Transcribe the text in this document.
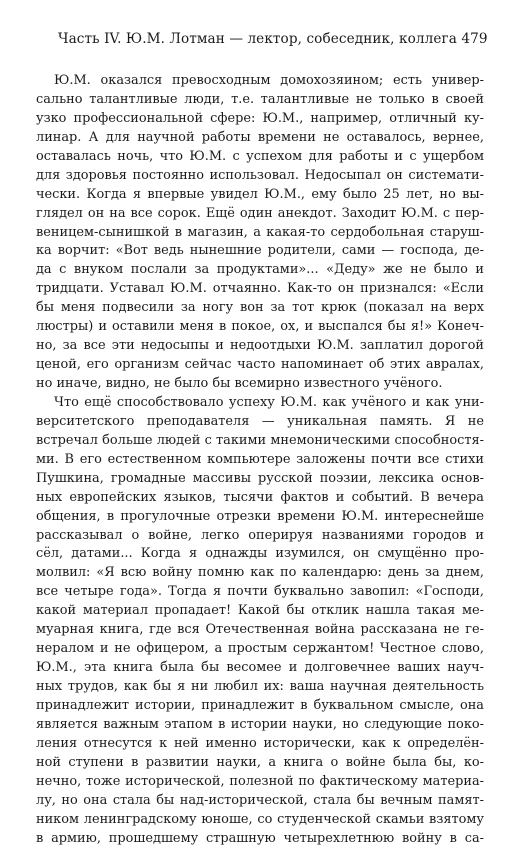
Часть IV. Ю.М. Лотман — лектор, собеседник, коллега 479
Ю.М. оказался превосходным домохозяином; есть универ-
сально талантливые люди, т.е. талантливые не только в своей
узко профессиональной сфере: Ю.М., например, отличный ку-
линар. А для научной работы времени не оставалось, вернее,
оставалась ночь, что Ю.М. с успехом для работы и с ущербом
для здоровья постоянно использовал. Недосыпал он системати-
чески. Когда я впервые увидел Ю.М., ему было 25 лет, но вы-
глядел он на все сорок. Ещё один анекдот. Заходит Ю.М. с пер-
веницем-сынишкой в магазин, а какая-то сердобольная старуш-
ка ворчит: «Вот ведь нынешние родители, сами — господа, де-
да с внуком послали за продуктами»... «Деду» же не было и
тридцати. Уставал Ю.М. отчаянно. Как-то он признался: «Если
бы меня подвесили за ногу вон за тот крюк (показал на верх
люстры) и оставили меня в покое, ох, и выспался бы я!» Конеч-
но, за все эти недосыпы и недоотдыхи Ю.М. заплатил дорогой
ценой, его организм сейчас часто напоминает об этих авралах,
но иначе, видно, не было бы всемирно известного учёного.
Что ещё способствовало успеху Ю.М. как учёного и как уни-
верситетского преподавателя — уникальная память. Я не
встречал больше людей с такими мнемоническими способностя-
ми. В его естественном компьютере заложены почти все стихи
Пушкина, громадные массивы русской поэзии, лексика основ-
ных европейских языков, тысячи фактов и событий. В вечера
общения, в прогулочные отрезки времени Ю.М. интереснейше
рассказывал о войне, легко оперируя названиями городов и
сёл, датами... Когда я однажды изумился, он смущённо про-
молвил: «Я всю войну помню как по календарю: день за днем,
все четыре года». Тогда я почти буквально завопил: «Господи,
какой материал пропадает! Какой бы отклик нашла такая ме-
муарная книга, где вся Отечественная война рассказана не ге-
нералом и не офицером, а простым сержантом! Честное слово,
Ю.М., эта книга была бы весомее и долговечнее ваших науч-
ных трудов, как бы я ни любил их: ваша научная деятельность
принадлежит истории, принадлежит в буквальном смысле, она
является важным этапом в истории науки, но следующие поко-
ления отнесутся к ней именно исторически, как к определён-
ной ступени в развитии науки, а книга о войне была бы, ко-
нечно, тоже исторической, полезной по фактическому материа-
лу, но она стала бы над-исторической, стала бы вечным памят-
ником ленинградскому юноше, со студенческой скамьи взятому
в армию, прошедшему страшную четырехлетнюю войну в са-
